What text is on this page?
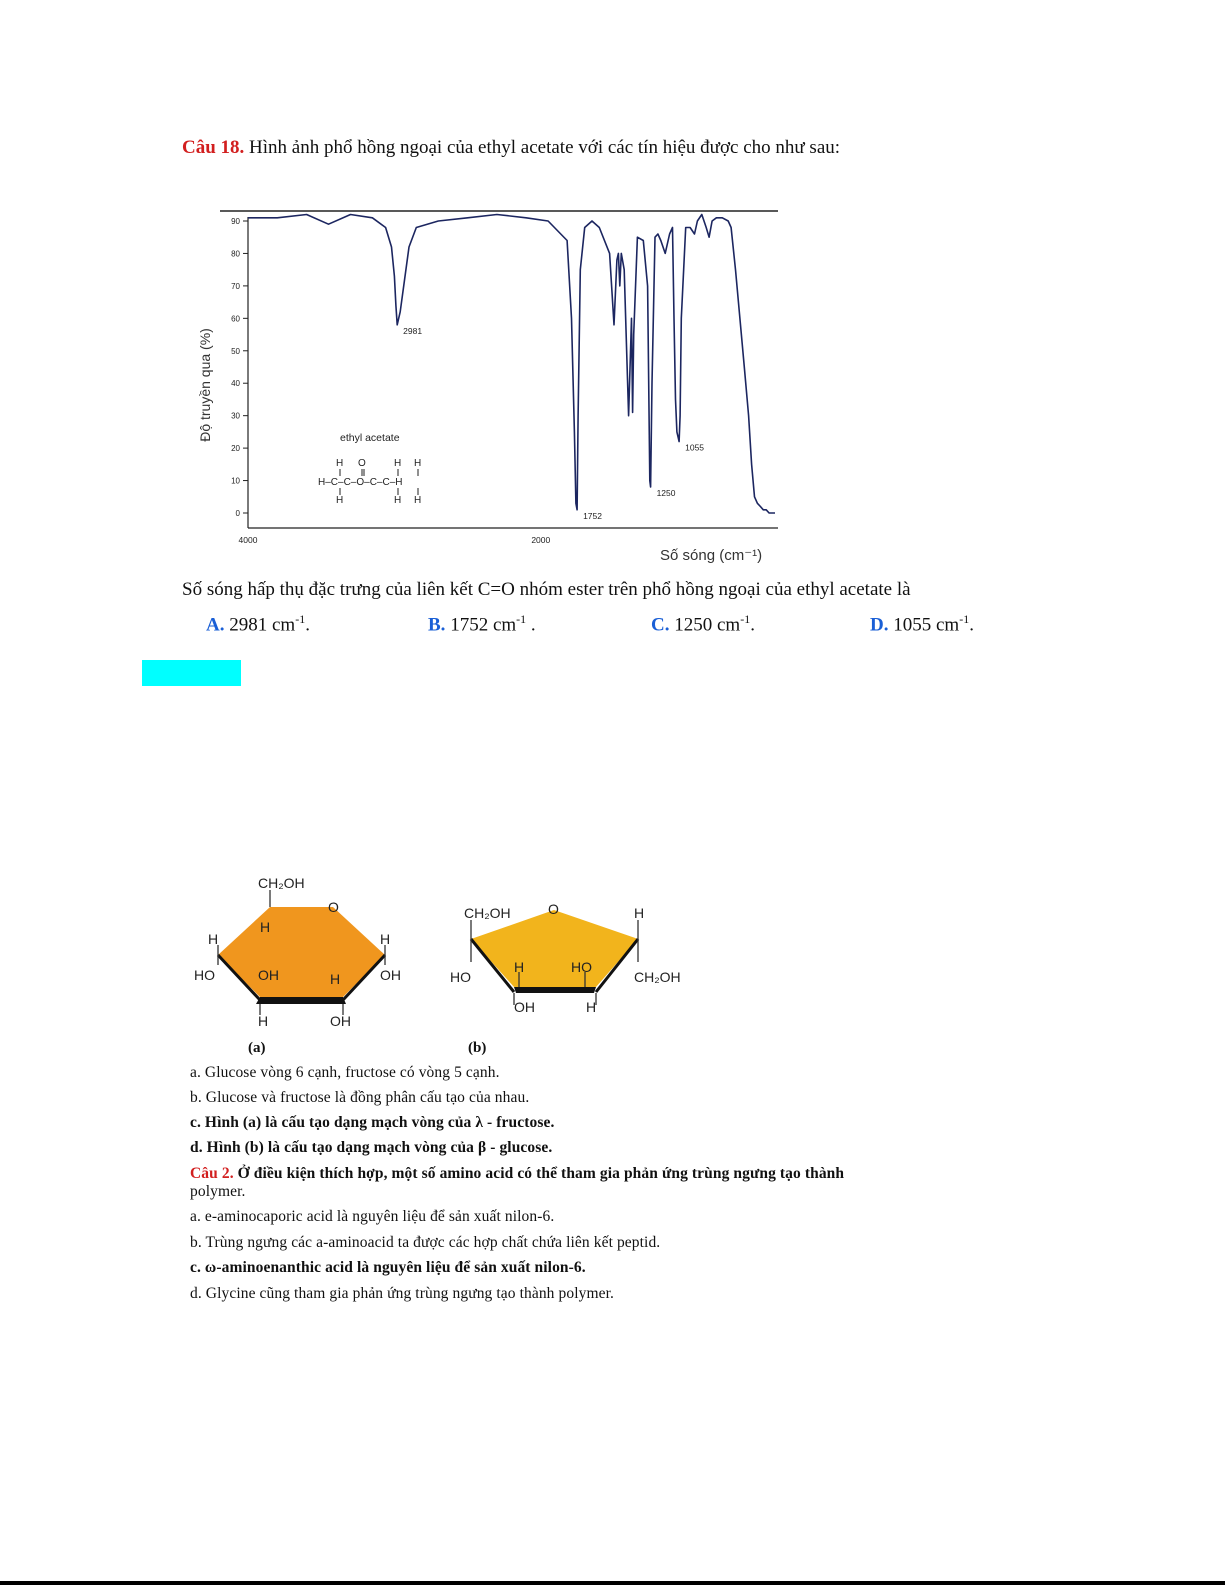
Câu 18. Hình ảnh phổ hồng ngoại của ethyl acetate với các tín hiệu được cho như sau:
0
10
20
30
40
50
60
70
80
90
4000	2000
2981
1752
1250
1055
Độ truyền qua (%)
Số sóng (cm⁻¹)
ethyl acetate
H O	H H
H–C–C–O–C–C–H
H	H H
Số sóng hấp thụ đặc trưng của liên kết C=O nhóm ester trên phổ hồng ngoại của ethyl acetate là
A. 2981 $cm^{-1}$.	B. 1752 $cm^{-1}$ .	C. 1250 $cm^{-1}$.	D. 1055 $cm^{-1}$.
CH₂OH
O
H	H
H
HO	OH	H	OH
H	OH
(a)
CH₂OH	O	H
HO
H	HO
CH₂OH
OH	H
(b)
a. Glucose vòng 6 cạnh, fructose có vòng 5 cạnh.
b. Glucose và fructose là đồng phân cấu tạo của nhau.
c. Hình (a) là cấu tạo dạng mạch vòng của λ - fructose.
d. Hình (b) là cấu tạo dạng mạch vòng của β - glucose.
Câu 2. Ở điều kiện thích hợp, một số amino acid có thể tham gia phản ứng trùng ngưng tạo thành
polymer.
a. e-aminocaporic acid là nguyên liệu để sản xuất nilon-6.
b. Trùng ngưng các a-aminoacid ta được các hợp chất chứa liên kết peptid.
c. ω-aminoenanthic acid là nguyên liệu để sản xuất nilon-6.
d. Glycine cũng tham gia phản ứng trùng ngưng tạo thành polymer.
